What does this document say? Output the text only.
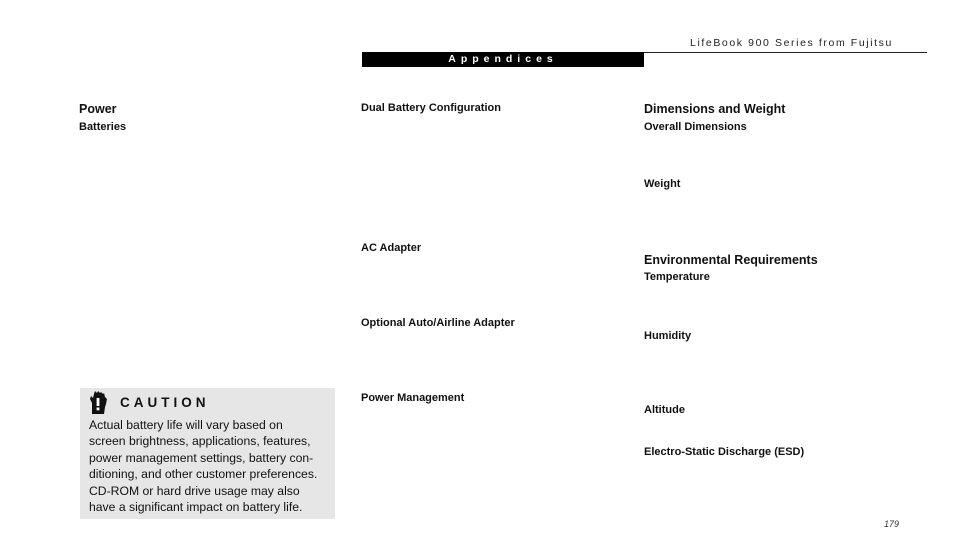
LifeBook 900 Series from Fujitsu
Appendices
Power
Batteries
Dual Battery Configuration
AC Adapter
Optional Auto/Airline Adapter
Power Management
Dimensions and Weight
Overall Dimensions
Weight
Environmental Requirements
Temperature
Humidity
Altitude
Electro-Static Discharge (ESD)
CAUTION
Actual battery life will vary based on
screen brightness, applications, features,
power management settings, battery con-
ditioning, and other customer preferences.
CD-ROM or hard drive usage may also
have a significant impact on battery life.
179
